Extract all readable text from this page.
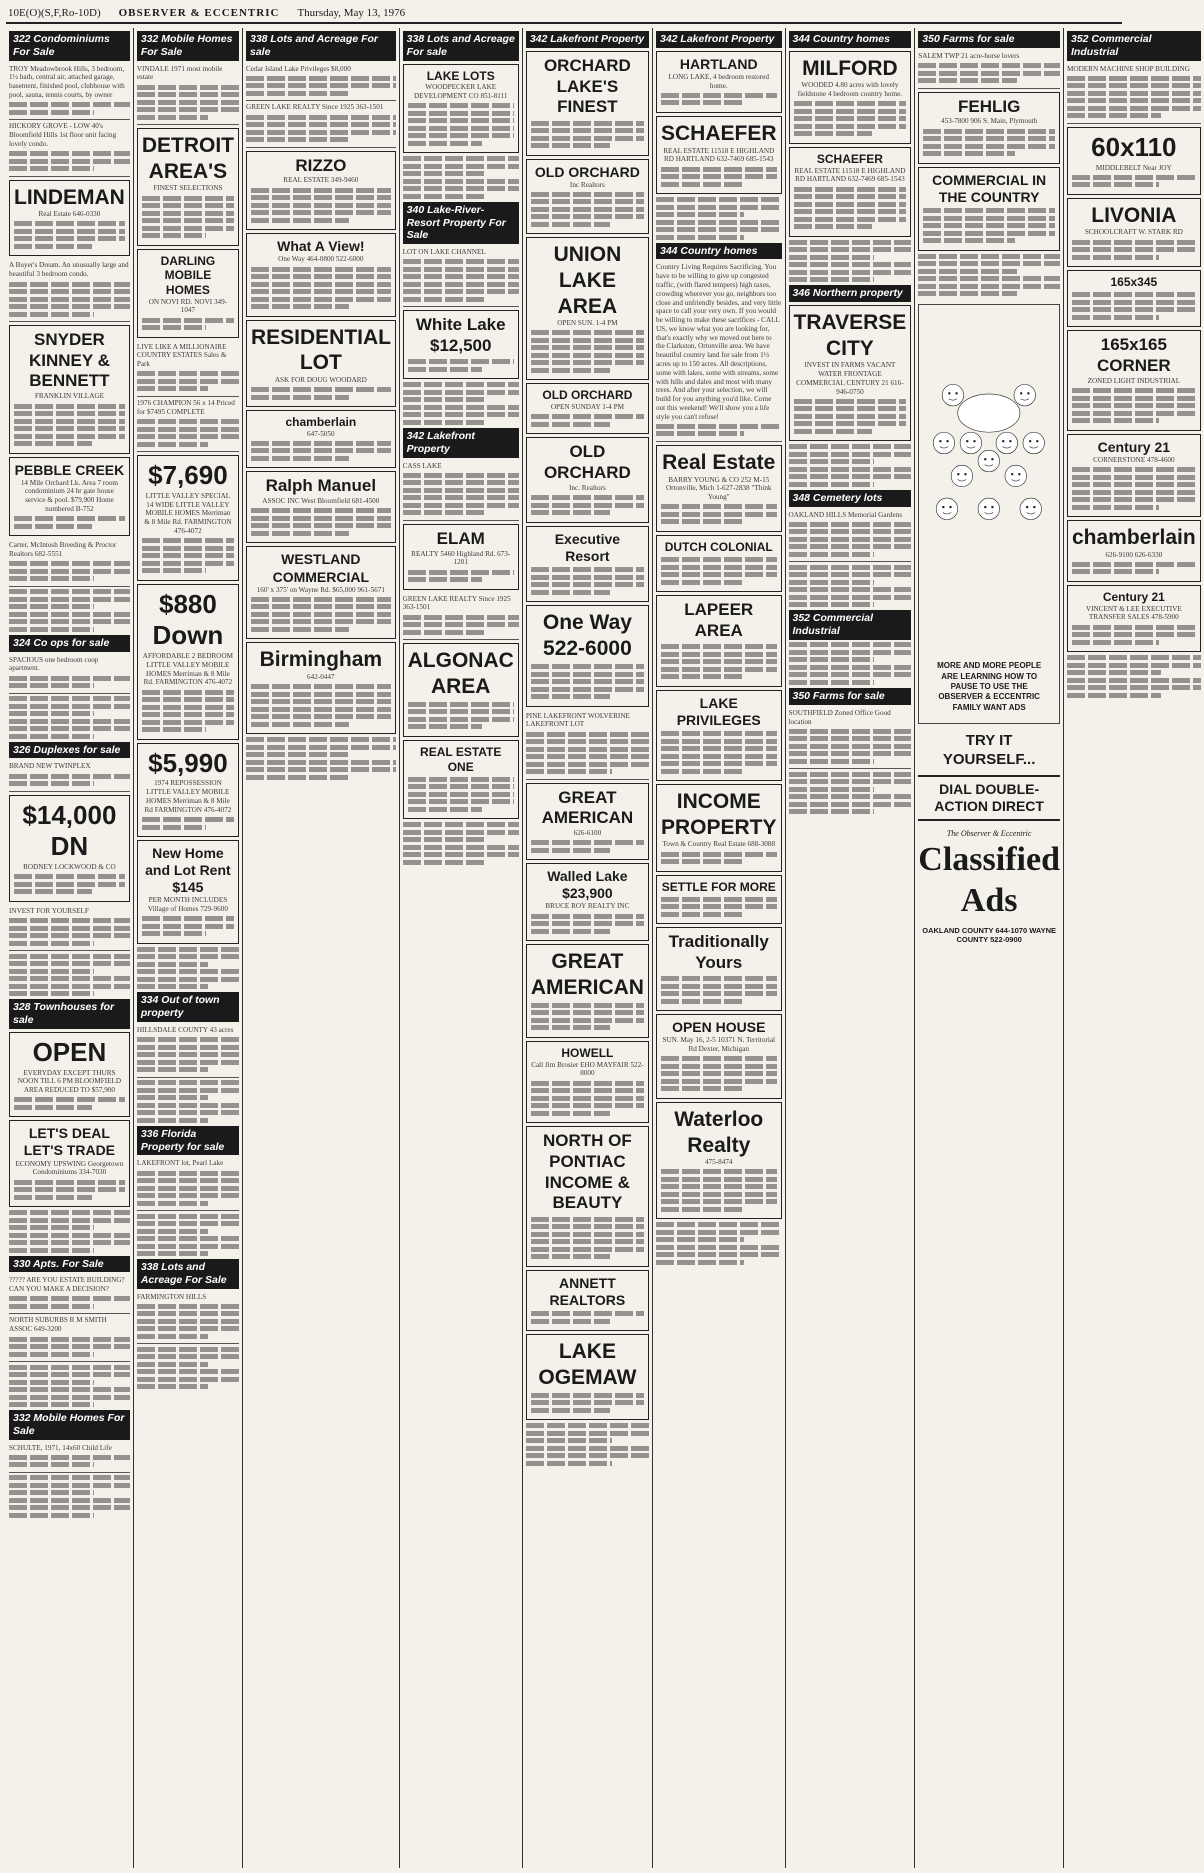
10E(O)(S,F,Ro-10D) OBSERVER & ECCENTRIC Thursday, May 13, 1976
322 Condominiums For Sale
TROY Meadowbrook Hills, 3 bedroom, 1½ bath, central air, attached garage, basement, finished pool, clubhouse with pool, sauna, tennis courts, by owner
HICKORY GROVE - LOW 40's Bloomfield Hills 1st floor unit facing lovely condo.
LINDEMAN
Real Estate 646-0330
A Buyer's Dream. An unusually large and beautiful 3 bedroom condo.
SNYDER KINNEY & BENNETT
FRANKLIN VILLAGE
PEBBLE CREEK
14 Mile Orchard Lk. Area 7 room condominium 24 hr gate house service & pool. $79,900 Home numbered B-752
Carter, McIntosh Breeding & Proctor Realtors 682-5551
324 Co ops for sale
SPACIOUS one bedroom coop apartment.
326 Duplexes for sale
BRAND NEW TWINPLEX
$14,000 DN
RODNEY LOCKWOOD & CO
INVEST FOR YOURSELF
328 Townhouses for sale
OPEN
EVERYDAY EXCEPT THURS NOON TILL 6 PM BLOOMFIELD AREA REDUCED TO $57,900
LET'S DEAL LET'S TRADE
ECONOMY UPSWING Georgetown Condominiums 334-7030
330 Apts. For Sale
????? ARE YOU ESTATE BUILDING? CAN YOU MAKE A DECISION?
NORTH SUBURBS R M SMITH ASSOC 649-3200
332 Mobile Homes For Sale
SCHULTE, 1971, 14x60 Child Life
332 Mobile Homes For Sale
VINDALE 1971 most mobile estate
DETROIT AREA'S
FINEST SELECTIONS
DARLING MOBILE HOMES
ON NOVI RD. NOVI 349-1047
LIVE LIKE A MILLIONAIRE COUNTRY ESTATES Sales & Park
1976 CHAMPION 56 x 14 Priced for $7495 COMPLETE
$7,690
LITTLE VALLEY SPECIAL 14 WIDE LITTLE VALLEY MOBILE HOMES Merriman & 8 Mile Rd. FARMINGTON 476-4072
$880 Down
AFFORDABLE 2 BEDROOM LITTLE VALLEY MOBILE HOMES Merriman & 8 Mile Rd. FARMINGTON 476-4072
$5,990
1974 REPOSSESSION LITTLE VALLEY MOBILE HOMES Merriman & 8 Mile Rd FARMINGTON 476-4072
New Home and Lot Rent $145
PER MONTH INCLUDES Village of Homes 729-9600
334 Out of town property
HILLSDALE COUNTY 43 acres
336 Florida Property for sale
LAKEFRONT lot, Pearl Lake
338 Lots and Acreage For Sale
FARMINGTON HILLS
338 Lots and Acreage For sale
Cedar Island Lake Privileges $8,000
GREEN LAKE REALTY Since 1925 363-1501
RIZZO
REAL ESTATE 349-9460
What A View!
One Way 464-0800 522-6000
RESIDENTIAL LOT
ASK FOR DOUG WOODARD
chamberlain
647-5050
Ralph Manuel
ASSOC INC West Bloomfield 681-4500
WESTLAND COMMERCIAL
160' x 375' on Wayne Rd. $65,000 961-5671
Birmingham
642-0447
338 Lots and Acreage For sale
LAKE LOTS
WOODPECKER LAKE DEVELOPMENT CO 851-8111
340 Lake-River-Resort Property For Sale
LOT ON LAKE CHANNEL
White Lake $12,500
342 Lakefront Property
CASS LAKE
ELAM
REALTY 5460 Highland Rd. 673-1201
GREEN LAKE REALTY Since 1925 363-1501
ALGONAC AREA
REAL ESTATE ONE
342 Lakefront Property
ORCHARD LAKE'S FINEST
OLD ORCHARD
Inc Realtors
UNION LAKE AREA
OPEN SUN. 1-4 PM
OLD ORCHARD
OPEN SUNDAY 1-4 PM
OLD ORCHARD
Inc. Realtors
Executive Resort
One Way 522-6000
PINE LAKEFRONT WOLVERINE LAKEFRONT LOT
GREAT AMERICAN
626-6100
Walled Lake $23,900
BRUCE ROY REALTY INC
GREAT AMERICAN
HOWELL
Call Jim Brosier EHO MAYFAIR 522-8000
NORTH OF PONTIAC INCOME & BEAUTY
ANNETT REALTORS
LAKE OGEMAW
342 Lakefront Property
HARTLAND
LONG LAKE, 4 bedroom restored home.
SCHAEFER
REAL ESTATE 11518 E HIGHLAND RD HARTLAND 632-7469 685-1543
344 Country homes
Country Living Requires Sacrificing. You have to be willing to give up congested traffic, (with flared tempers) high taxes, crowding wherever you go, neighbors too close and unfriendly besides, and very little space to call your very own. If you would be willing to make these sacrifices - CALL US, we know what you are looking for, that's exactly why we moved out here to the Clarkston, Ortonville area. We have beautiful country land for sale from 1½ acres up to 150 acres. All descriptions, some with lakes, some with streams, some with hills and dales and most with many trees. And after your selection, we will build for you anything you'd like. Come out this weekend! We'll show you a life style you can't refuse!
Real Estate
BARRY YOUNG & CO 252 M-15 Ortonville, Mich 1-627-2838 "Think Young"
DUTCH COLONIAL
LAPEER AREA
LAKE PRIVILEGES
INCOME PROPERTY
Town & Country Real Estate 688-3088
SETTLE FOR MORE
Traditionally Yours
OPEN HOUSE
SUN. May 16, 2-5 10371 N. Territorial Rd Dexter, Michigan
Waterloo Realty
475-8474
344 Country homes
MILFORD
WOODED 4.80 acres with lovely fieldstone 4 bedroom country home.
SCHAEFER
REAL ESTATE 11518 E HIGHLAND RD HARTLAND 632-7469 685-1543
346 Northern property
TRAVERSE CITY
INVEST IN FARMS VACANT WATER FRONTAGE COMMERCIAL CENTURY 21 616-946-0750
348 Cemetery lots
OAKLAND HILLS Memorial Gardens
352 Commercial Industrial
350 Farms for sale
SOUTHFIELD Zoned Office Good location
350 Farms for sale
SALEM TWP 21 acre-horse lovers
FEHLIG
453-7800 906 S. Main, Plymouth
COMMERCIAL IN THE COUNTRY
MORE AND MORE PEOPLE ARE LEARNING HOW TO PAUSE TO USE THE OBSERVER & ECCENTRIC FAMILY WANT ADS
TRY IT YOURSELF...
DIAL DOUBLE-ACTION DIRECT
The Observer & Eccentric
Classified Ads
OAKLAND COUNTY 644-1070 WAYNE COUNTY 522-0900
352 Commercial Industrial
MODERN MACHINE SHOP BUILDING
60x110
MIDDLEBELT Near JOY
LIVONIA
SCHOOLCRAFT W. STARK RD
165x345
165x165 CORNER
ZONED LIGHT INDUSTRIAL
Century 21
CORNERSTONE 478-4600
chamberlain
626-9100 626-6330
Century 21
VINCENT & LEE EXECUTIVE TRANSFER SALES 478-5900
